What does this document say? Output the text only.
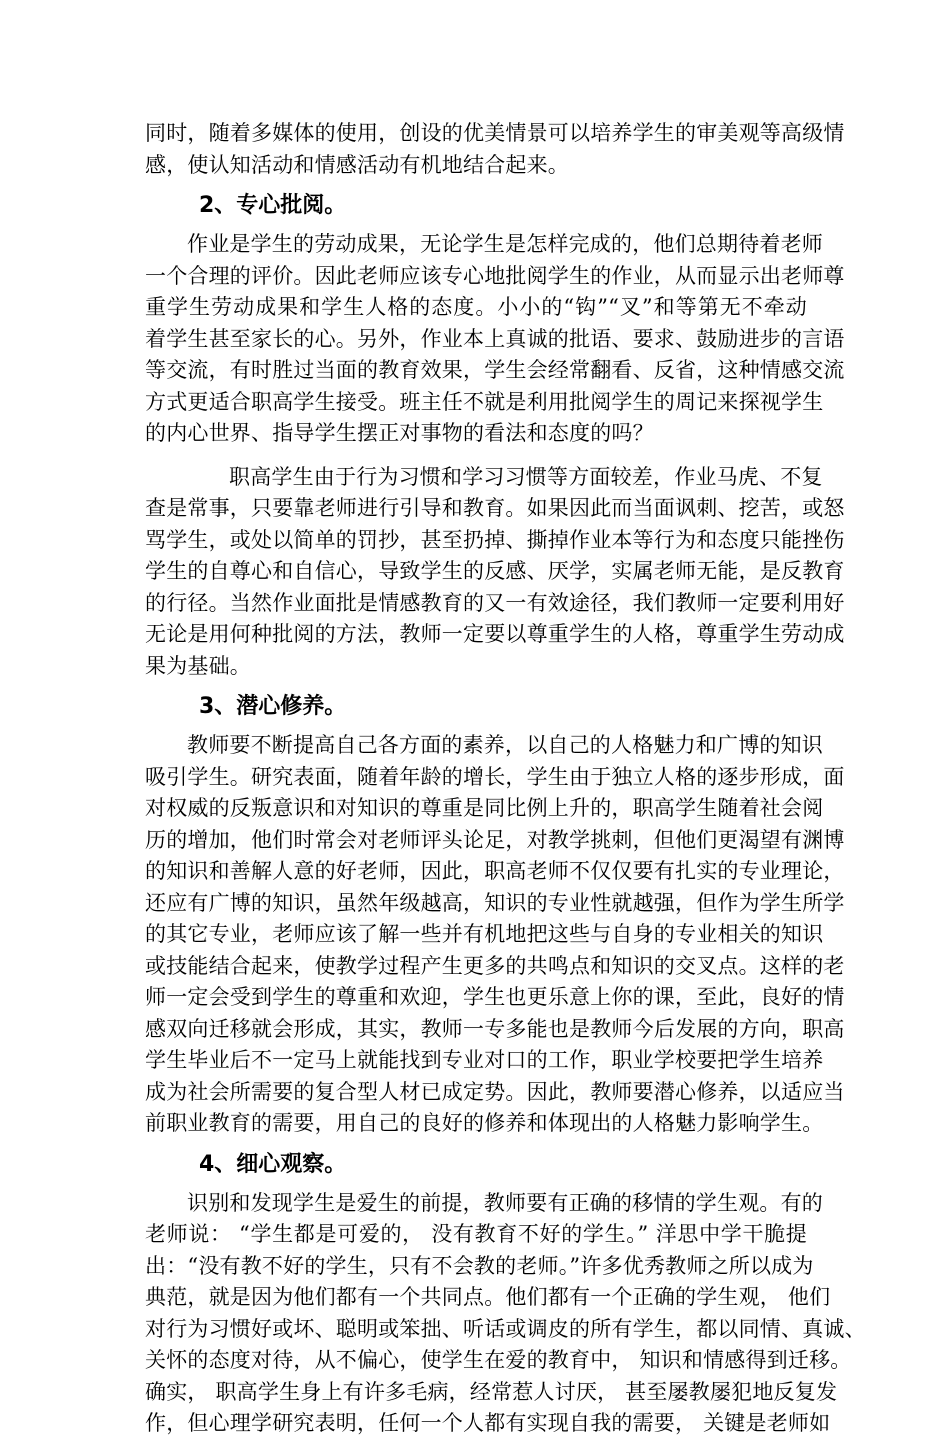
同时，随着多媒体的使用，创设的优美情景可以培养学生的审美观等高级情
感，使认知活动和情感活动有机地结合起来。
2、专心批阅。
作业是学生的劳动成果，无论学生是怎样完成的，他们总期待着老师
一个合理的评价。因此老师应该专心地批阅学生的作业，从而显示出老师尊
重学生劳动成果和学生人格的态度。小小的“钩”“叉”和等第无不牵动
着学生甚至家长的心。另外，作业本上真诚的批语、要求、鼓励进步的言语
等交流，有时胜过当面的教育效果，学生会经常翻看、反省，这种情感交流
方式更适合职高学生接受。班主任不就是利用批阅学生的周记来探视学生
的内心世界、指导学生摆正对事物的看法和态度的吗？
职高学生由于行为习惯和学习习惯等方面较差，作业马虎、不复
查是常事，只要靠老师进行引导和教育。如果因此而当面讽刺、挖苦，或怒
骂学生，或处以简单的罚抄，甚至扔掉、撕掉作业本等行为和态度只能挫伤
学生的自尊心和自信心，导致学生的反感、厌学，实属老师无能，是反教育
的行径。当然作业面批是情感教育的又一有效途径，我们教师一定要利用好
无论是用何种批阅的方法，教师一定要以尊重学生的人格，尊重学生劳动成
果为基础。
3、潜心修养。
教师要不断提高自己各方面的素养，以自己的人格魅力和广博的知识
吸引学生。研究表面，随着年龄的增长，学生由于独立人格的逐步形成，面
对权威的反叛意识和对知识的尊重是同比例上升的，职高学生随着社会阅
历的增加，他们时常会对老师评头论足，对教学挑刺，但他们更渴望有渊博
的知识和善解人意的好老师，因此，职高老师不仅仅要有扎实的专业理论，
还应有广博的知识，虽然年级越高，知识的专业性就越强，但作为学生所学
的其它专业，老师应该了解一些并有机地把这些与自身的专业相关的知识
或技能结合起来，使教学过程产生更多的共鸣点和知识的交叉点。这样的老
师一定会受到学生的尊重和欢迎，学生也更乐意上你的课，至此，良好的情
感双向迁移就会形成，其实，教师一专多能也是教师今后发展的方向，职高
学生毕业后不一定马上就能找到专业对口的工作，职业学校要把学生培养
成为社会所需要的复合型人材已成定势。因此，教师要潜心修养，以适应当
前职业教育的需要，用自己的良好的修养和体现出的人格魅力影响学生。
4、细心观察。
识别和发现学生是爱生的前提，教师要有正确的移情的学生观。有的
老师说： “学生都是可爱的， 没有教育不好的学生。” 洋思中学干脆提
出：“没有教不好的学生，只有不会教的老师。”许多优秀教师之所以成为
典范，就是因为他们都有一个共同点。他们都有一个正确的学生观， 他们
对行为习惯好或坏、聪明或笨拙、听话或调皮的所有学生，都以同情、真诚、
关怀的态度对待，从不偏心，使学生在爱的教育中， 知识和情感得到迁移。
确实， 职高学生身上有许多毛病，经常惹人讨厌， 甚至屡教屡犯地反复发
作，但心理学研究表明，任何一个人都有实现自我的需要， 关键是老师如
